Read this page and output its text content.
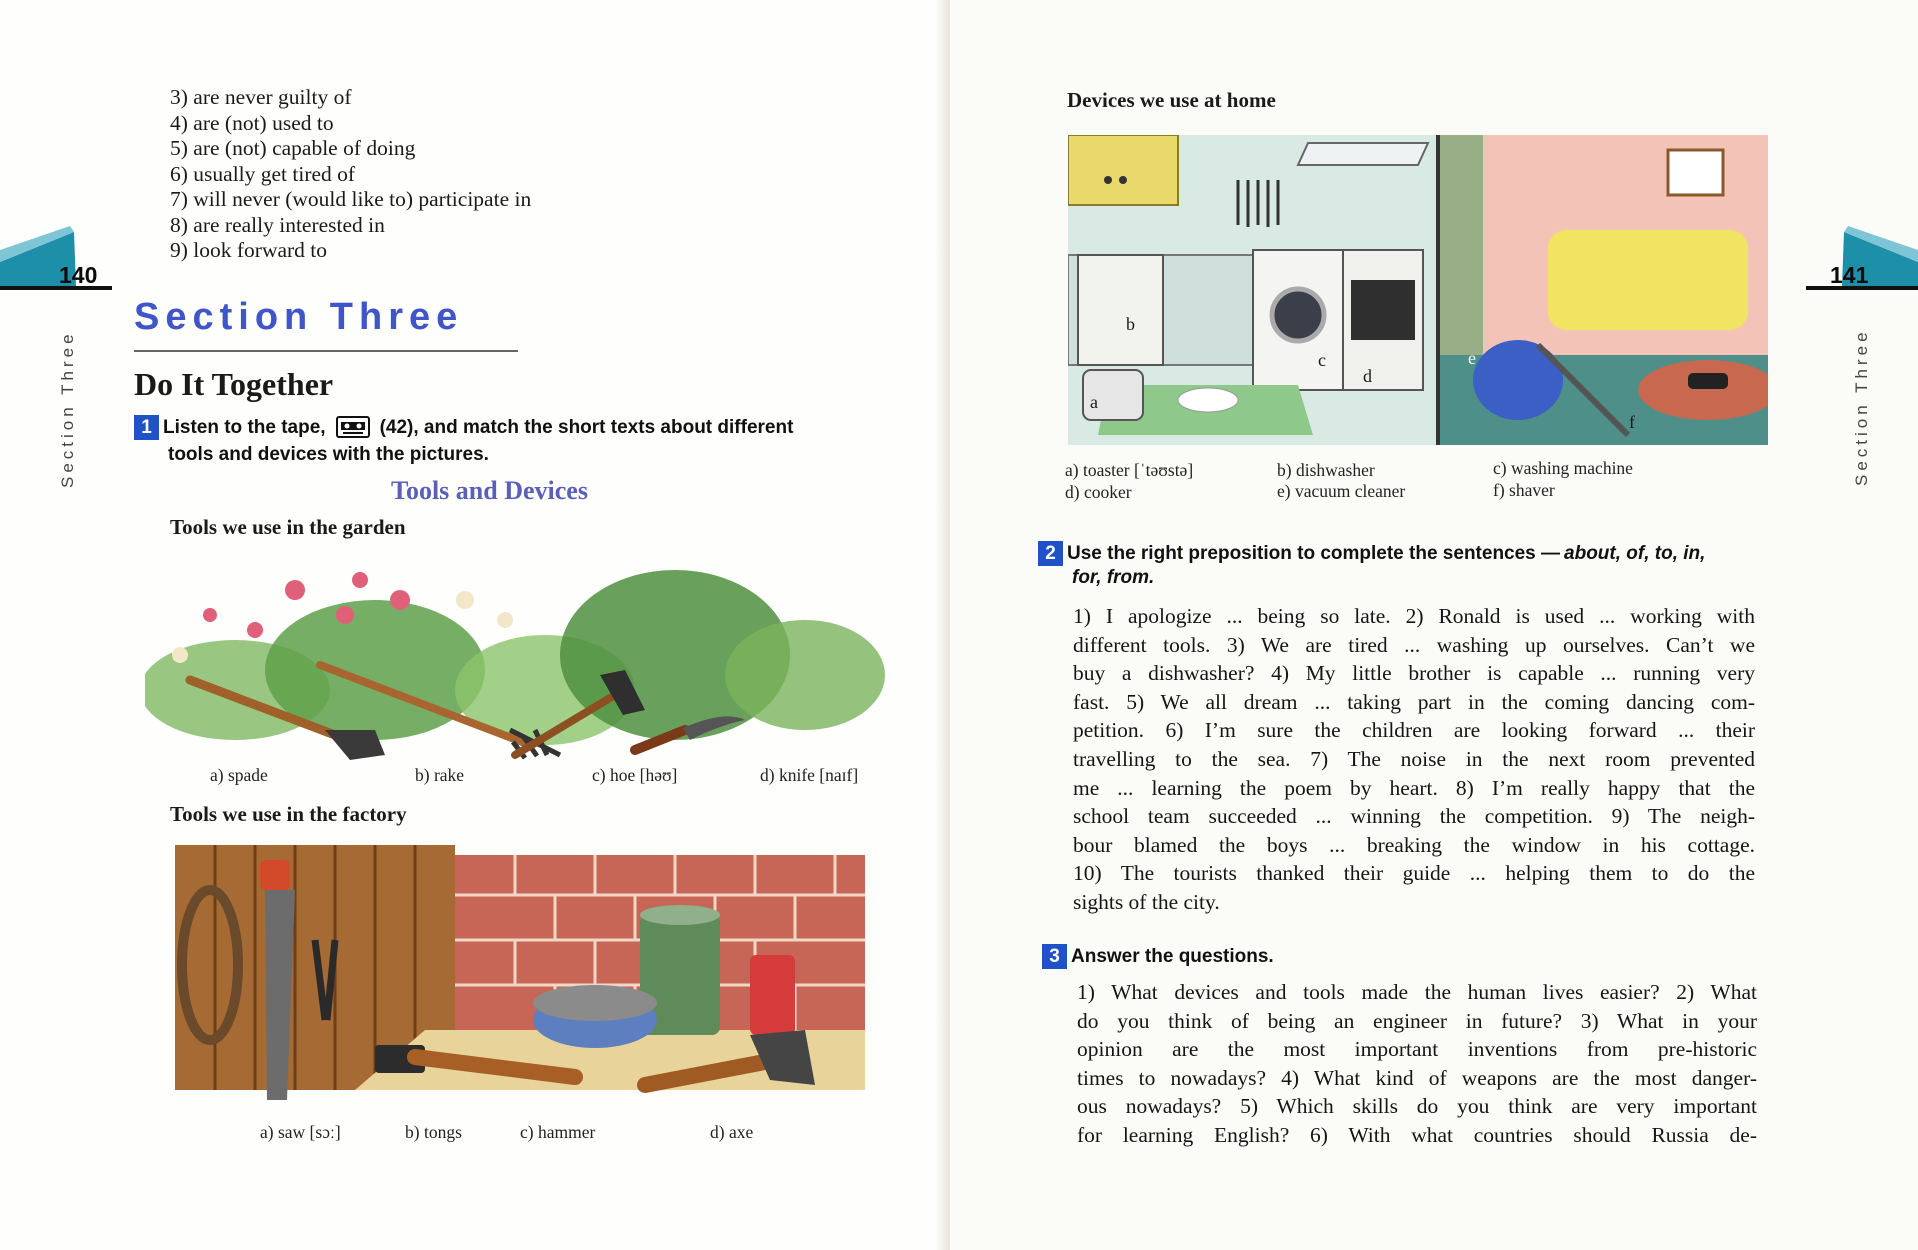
140
Section Three
3) are never guilty of
4) are (not) used to
5) are (not) capable of doing
6) usually get tired of
7) will never (would like to) participate in
8) are really interested in
9) look forward to
Section Three
Do It Together
1 Listen to the tape,	(42), and match the short texts about different
tools and devices with the pictures.
Tools and Devices
Tools we use in the garden
a) spade	b) rake	c) hoe [həʊ]	d) knife [naɪf]
Tools we use in the factory
a) saw [sɔː]	b) tongs	c) hammer	d) axe
141
Section Three
Devices we use at home
a
b
c
d
e
f
a) toaster [ˈtəʊstə]	b) dishwasher	c) washing machine
d) cooker	e) vacuum cleaner	f) shaver
2 Use the right preposition to complete the sentences — about, of, to, in,
for, from.
1) I apologize ... being so late. 2) Ronald is used ... working with
different tools. 3) We are tired ... washing up ourselves. Can’t we
buy a dishwasher? 4) My little brother is capable ... running very
fast. 5) We all dream ... taking part in the coming dancing com-
petition. 6) I’m sure the children are looking forward ... their
travelling to the sea. 7) The noise in the next room prevented
me ... learning the poem by heart. 8) I’m really happy that the
school team succeeded ... winning the competition. 9) The neigh-
bour blamed the boys ... breaking the window in his cottage.
10) The tourists thanked their guide ... helping them to do the
sights of the city.
3 Answer the questions.
1) What devices and tools made the human lives easier? 2) What
do you think of being an engineer in future? 3) What in your
opinion are the most important inventions from pre-historic
times to nowadays? 4) What kind of weapons are the most danger-
ous nowadays? 5) Which skills do you think are very important
for learning English? 6) With what countries should Russia de-
